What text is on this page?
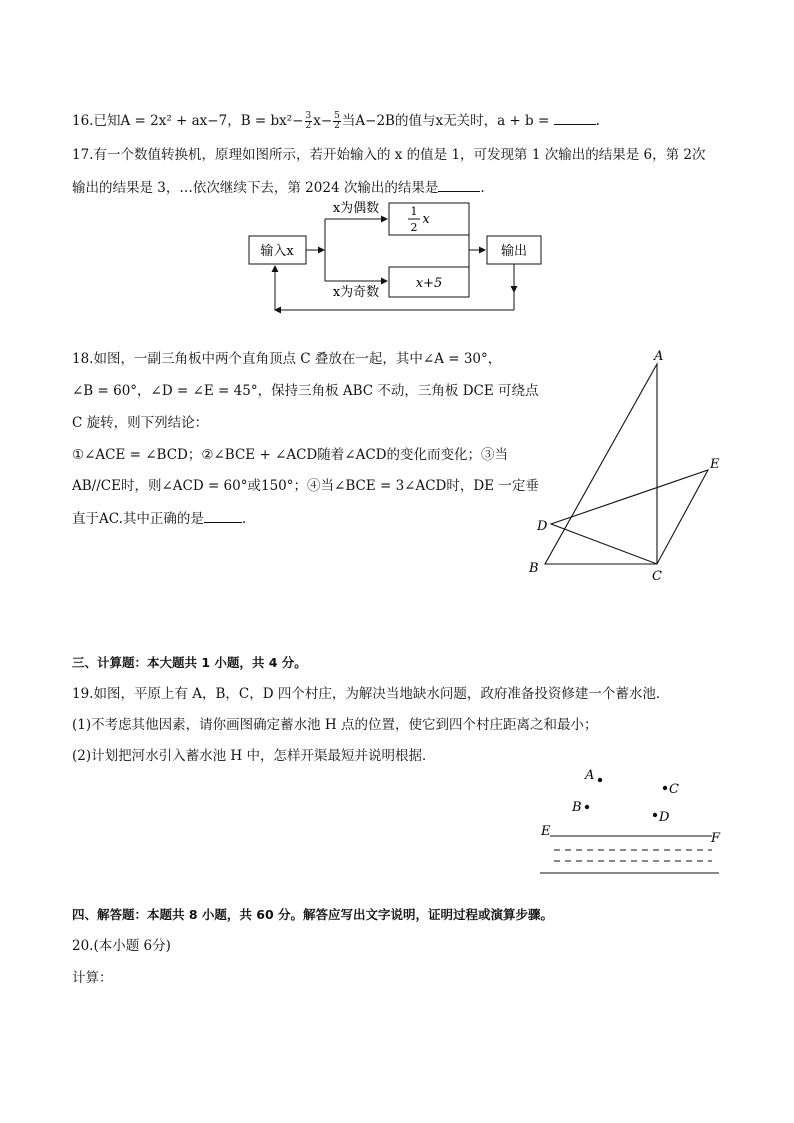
16.已知A = 2x² + ax−7，$B = bx^2- \frac{3}{2} x- \frac{5}{2}$ 当A−2B的值与x无关时，a + b =	.
17.有一个数值转换机，原理如图所示，若开始输入的 x 的值是 1，可发现第 1 次输出的结果是 6，第 2次
输出的结果是 3，…依次继续下去，第 2024 次输出的结果是	.
输入x
x为偶数	1
2
x
x为奇数
x+5
输出
18.如图，一副三角板中两个直角顶点 C 叠放在一起，其中∠A = 30°，
∠B = 60°，∠D = ∠E = 45°，保持三角板 ABC 不动，三角板 DCE 可绕点
C 旋转，则下列结论：
①∠ACE = ∠BCD；②∠BCE + ∠ACD随着∠ACD的变化而变化；③当
AB//CE时，则∠ACD = 60°或150°；④当∠BCE = 3∠ACD时，DE 一定垂
直于AC.其中正确的是	.
A
B
C
D
E
三、计算题：本大题共 1 小题，共 4 分。
19.如图，平原上有 A，B，C，D 四个村庄，为解决当地缺水问题，政府准备投资修建一个蓄水池．
(1)不考虑其他因素，请你画图确定蓄水池 H 点的位置，使它到四个村庄距离之和最小；
(2)计划把河水引入蓄水池 H 中，怎样开渠最短并说明根据．
A
C
B
D
E	F
四、解答题：本题共 8 小题，共 60 分。解答应写出文字说明，证明过程或演算步骤。
20.(本小题 6分)
计算：
